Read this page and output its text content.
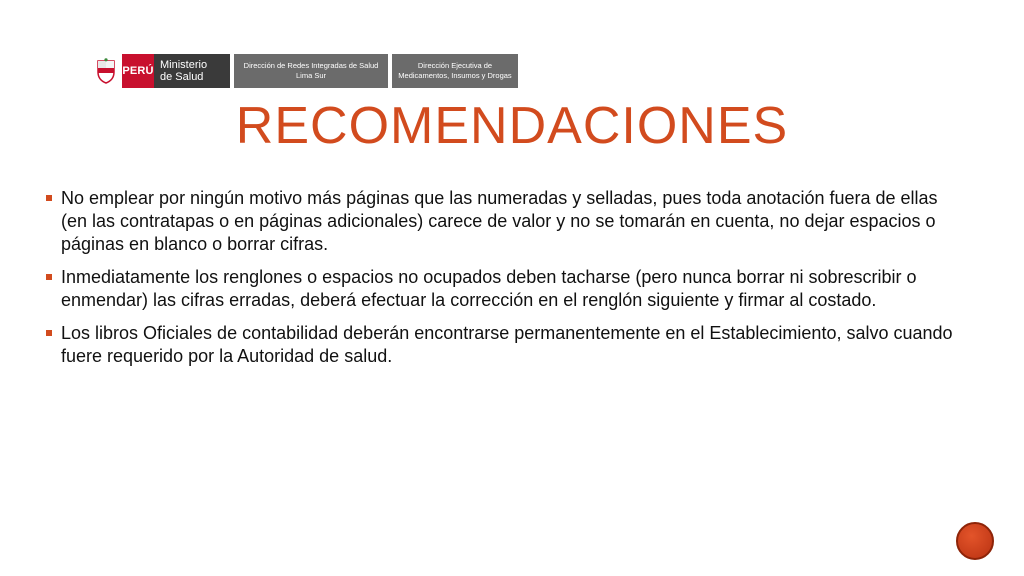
PERÚ Ministerio
de Salud
Dirección de Redes Integradas de Salud Lima Sur
Dirección Ejecutiva de Medicamentos, Insumos y Drogas
RECOMENDACIONES
No emplear por ningún motivo más páginas que las numeradas y selladas, pues toda anotación fuera de ellas (en las contratapas o en páginas adicionales) carece de valor y no se tomarán en cuenta, no dejar espacios o páginas en blanco o borrar cifras.
Inmediatamente los renglones o espacios no ocupados deben tacharse (pero nunca borrar ni sobrescribir o enmendar) las cifras erradas, deberá efectuar la corrección en el renglón siguiente y firmar al costado.
Los libros Oficiales de contabilidad deberán encontrarse permanentemente en el Establecimiento, salvo cuando fuere requerido por la Autoridad de salud.
